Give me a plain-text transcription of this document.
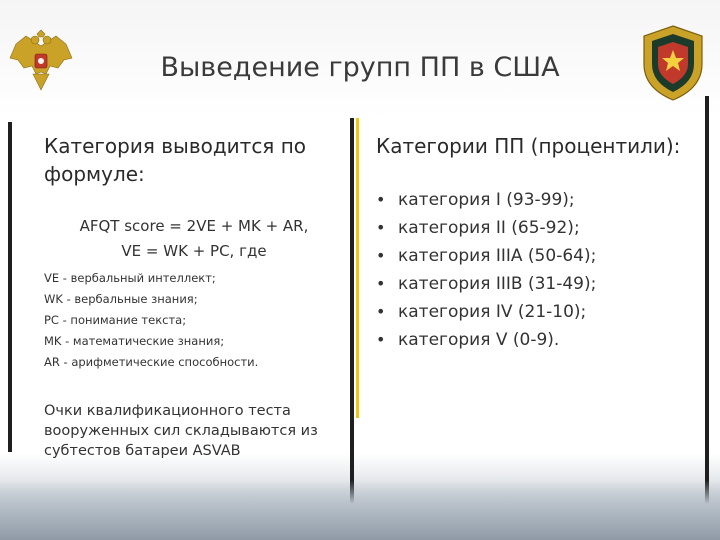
Выведение групп ПП в США
Категория выводится по формуле:
AFQT score = 2VE + MK + AR,
VE = WK + PC, где
VE - вербальный интеллект;
WK - вербальные знания;
PC - понимание текста;
MK - математические знания;
AR - арифметические способности.
Очки квалификационного теста вооруженных сил складываются из субтестов батареи ASVAB
Категории ПП (процентили):
• категория I (93-99);
• категория II (65-92);
• категория IIIA (50-64);
• категория IIIB (31-49);
• категория IV (21-10);
• категория V (0-9).
